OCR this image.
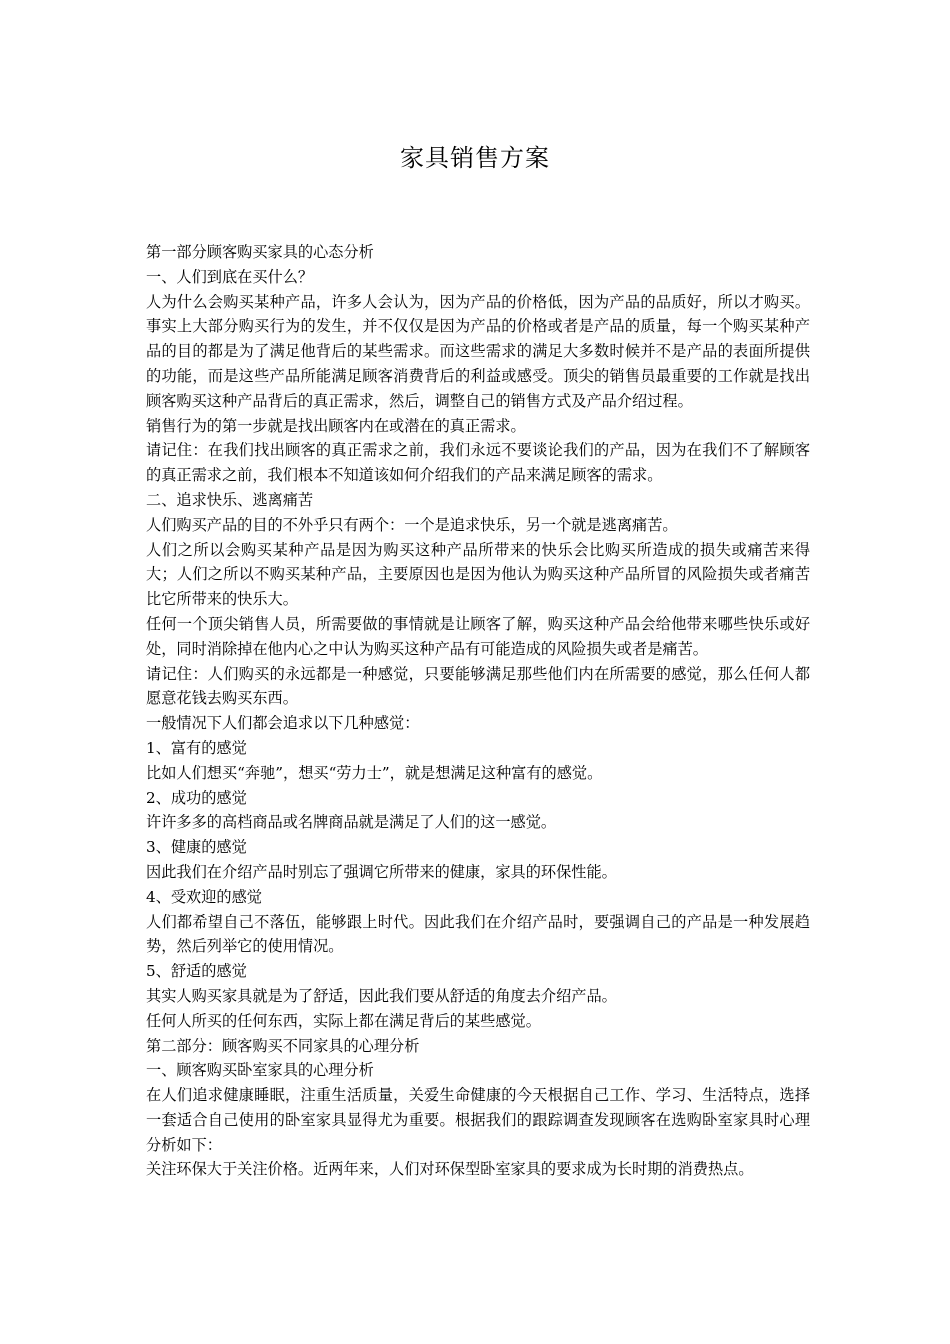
家具销售方案

第一部分顾客购买家具的心态分析

一、人们到底在买什么？

人为什么会购买某种产品，许多人会认为，因为产品的价格低，因为产品的品质好，所以才购买。事实上大部分购买行为的发生，并不仅仅是因为产品的价格或者是产品的质量，每一个购买某种产品的目的都是为了满足他背后的某些需求。而这些需求的满足大多数时候并不是产品的表面所提供的功能，而是这些产品所能满足顾客消费背后的利益或感受。顶尖的销售员最重要的工作就是找出顾客购买这种产品背后的真正需求，然后，调整自己的销售方式及产品介绍过程。

销售行为的第一步就是找出顾客内在或潜在的真正需求。

请记住：在我们找出顾客的真正需求之前，我们永远不要谈论我们的产品，因为在我们不了解顾客的真正需求之前，我们根本不知道该如何介绍我们的产品来满足顾客的需求。

二、追求快乐、逃离痛苦

人们购买产品的目的不外乎只有两个：一个是追求快乐，另一个就是逃离痛苦。

人们之所以会购买某种产品是因为购买这种产品所带来的快乐会比购买所造成的损失或痛苦来得大；人们之所以不购买某种产品，主要原因也是因为他认为购买这种产品所冒的风险损失或者痛苦比它所带来的快乐大。

任何一个顶尖销售人员，所需要做的事情就是让顾客了解，购买这种产品会给他带来哪些快乐或好处，同时消除掉在他内心之中认为购买这种产品有可能造成的风险损失或者是痛苦。

请记住：人们购买的永远都是一种感觉，只要能够满足那些他们内在所需要的感觉，那么任何人都愿意花钱去购买东西。

一般情况下人们都会追求以下几种感觉：

1、富有的感觉

比如人们想买“奔驰”，想买“劳力士”，就是想满足这种富有的感觉。

2、成功的感觉

许许多多的高档商品或名牌商品就是满足了人们的这一感觉。

3、健康的感觉

因此我们在介绍产品时别忘了强调它所带来的健康，家具的环保性能。

4、受欢迎的感觉

人们都希望自己不落伍，能够跟上时代。因此我们在介绍产品时，要强调自己的产品是一种发展趋势，然后列举它的使用情况。

5、舒适的感觉

其实人购买家具就是为了舒适，因此我们要从舒适的角度去介绍产品。

任何人所买的任何东西，实际上都在满足背后的某些感觉。

第二部分：顾客购买不同家具的心理分析

一、顾客购买卧室家具的心理分析

在人们追求健康睡眠，注重生活质量，关爱生命健康的今天根据自己工作、学习、生活特点，选择一套适合自己使用的卧室家具显得尤为重要。根据我们的跟踪调查发现顾客在选购卧室家具时心理分析如下：

关注环保大于关注价格。近两年来，人们对环保型卧室家具的要求成为长时期的消费热点。
